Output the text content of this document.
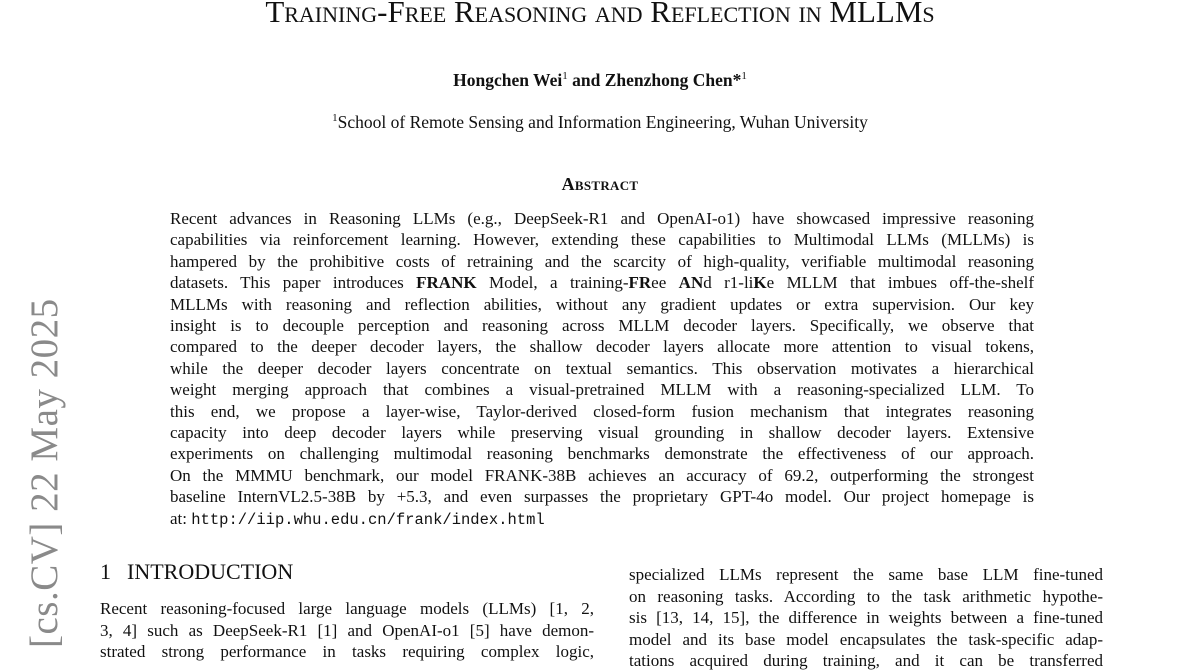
[cs.CV] 22 May 2025
Training-Free Reasoning and Reflection in MLLMs
Hongchen Wei$^1$ and Zhenzhong Chen*$^1$
$^1$School of Remote Sensing and Information Engineering, Wuhan University
Abstract
Recent advances in Reasoning LLMs (e.g., DeepSeek-R1 and OpenAI-o1) have showcased impressive reasoning
capabilities via reinforcement learning. However, extending these capabilities to Multimodal LLMs (MLLMs) is
hampered by the prohibitive costs of retraining and the scarcity of high-quality, verifiable multimodal reasoning
datasets. This paper introduces FRANK Model, a training-FRee ANd r1-liKe MLLM that imbues off-the-shelf
MLLMs with reasoning and reflection abilities, without any gradient updates or extra supervision. Our key
insight is to decouple perception and reasoning across MLLM decoder layers. Specifically, we observe that
compared to the deeper decoder layers, the shallow decoder layers allocate more attention to visual tokens,
while the deeper decoder layers concentrate on textual semantics. This observation motivates a hierarchical
weight merging approach that combines a visual-pretrained MLLM with a reasoning-specialized LLM. To
this end, we propose a layer-wise, Taylor-derived closed-form fusion mechanism that integrates reasoning
capacity into deep decoder layers while preserving visual grounding in shallow decoder layers. Extensive
experiments on challenging multimodal reasoning benchmarks demonstrate the effectiveness of our approach.
On the MMMU benchmark, our model FRANK-38B achieves an accuracy of 69.2, outperforming the strongest
baseline InternVL2.5-38B by +5.3, and even surpasses the proprietary GPT-4o model. Our project homepage is
at: http://iip.whu.edu.cn/frank/index.html
1 INTRODUCTION
Recent reasoning-focused large language models (LLMs) [1, 2,
3, 4] such as DeepSeek-R1 [1] and OpenAI-o1 [5] have demon-
strated strong performance in tasks requiring complex logic,
specialized LLMs represent the same base LLM fine-tuned
on reasoning tasks. According to the task arithmetic hypothe-
sis [13, 14, 15], the difference in weights between a fine-tuned
model and its base model encapsulates the task-specific adap-
tations acquired during training, and it can be transferred
